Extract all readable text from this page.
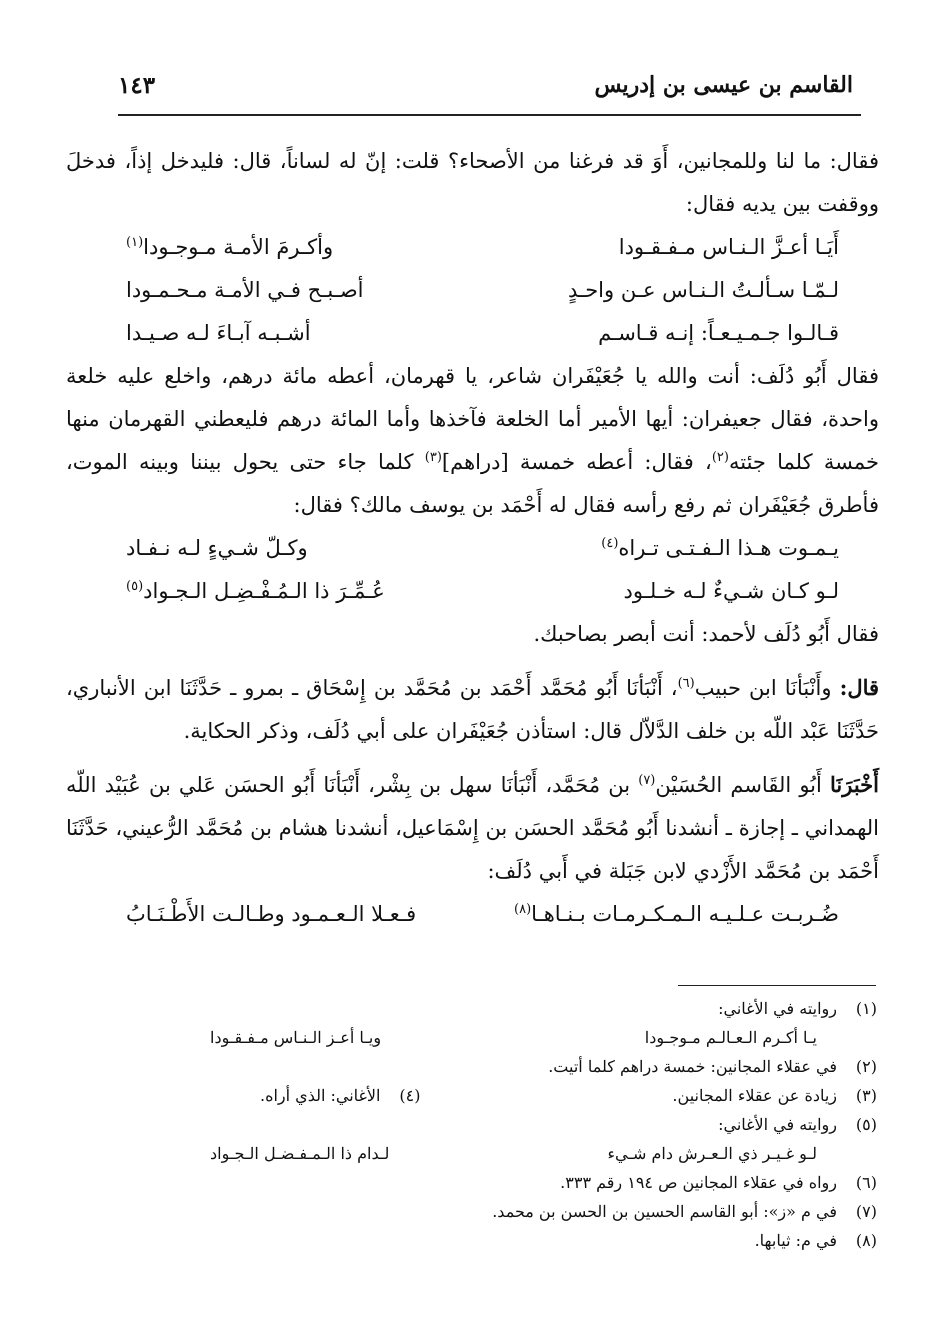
١٤٣	القاسم بن عيسى بن إدريس

فقال: ما لنا وللمجانين، أَوَ قد فرغنا من الأصحاء؟ قلت: إنّ له لساناً، قال: فليدخل إذاً، فدخلَ ووقفت بين يديه فقال:

أَيَـا أعـزَّ الـنـاس مـفـقـودا
وأكـرمَ الأمـة مـوجـودا$^{(١)}$
لـمّـا سـألـتُ الـنـاس عـن واحـدٍ
أصـبـح فـي الأمـة مـحـمـودا
قـالـوا جـمـيـعـاً: إنـه قـاسـم
أشـبـه آبـاءَ لـه صـيـدا

فقال أَبُو دُلَف: أنت والله يا جُعَيْفَران شاعر، يا قهرمان، أعطه مائة درهم، واخلع عليه خلعة واحدة، فقال جعيفران: أيها الأمير أما الخلعة فآخذها وأما المائة درهم فليعطني القهرمان منها خمسة كلما جئته$^{(٢)}$، فقال: أعطه خمسة [دراهم]$^{(٣)}$ كلما جاء حتى يحول بيننا وبينه الموت، فأطرق جُعَيْفَران ثم رفع رأسه فقال له أَحْمَد بن يوسف مالك؟ فقال:

يـمـوت هـذا الـفـتـى تـراه$^{(٤)}$
وكـلّ شـيءٍ لـه نـفـاد
لـو كـان شـيءٌ لـه خـلـود
عُـمِّـرَ ذا الـمُـفْـضِـل الـجـواد$^{(٥)}$

فقال أَبُو دُلَف لأحمد: أنت أبصر بصاحبك.

قال: وأَنْبَأنَا ابن حبيب$^{(٦)}$، أَنْبَأنَا أَبُو مُحَمَّد أَحْمَد بن مُحَمَّد بن إِسْحَاق ـ بمرو ـ حَدَّثَنَا ابن الأنباري، حَدَّثَنَا عَبْد اللّه بن خلف الدَّلاّل قال: استأذن جُعَيْفَران على أبي دُلَف، وذكر الحكاية.

أَخْبَرَنَا أَبُو القَاسم الحُسَيْن$^{(٧)}$ بن مُحَمَّد، أَنْبَأنَا سهل بن بِشْر، أَنْبَأنَا أَبُو الحسَن عَلي بن عُبَيْد اللّه الهمداني ـ إجازة ـ أنشدنا أَبُو مُحَمَّد الحسَن بن إِسْمَاعيل، أنشدنا هشام بن مُحَمَّد الرُّعيني، حَدَّثَنَا أَحْمَد بن مُحَمَّد الأَزْدي لابن جَبَلة في أَبي دُلَف:

ضُـربـت عـلـيـه الـمـكـرمـات بـنـاهـا$^{(٨)}$
فـعـلا الـعـمـود وطـالـت الأَطْـنَـابُ
(١)
روايته في الأغاني:
يـا أكـرم الـعـالـم مـوجـودا
ويـا أعـز الـنـاس مـفـقـودا
(٢)
في عقلاء المجانين: خمسة دراهم كلما أتيت.
(٣)
زيادة عن عقلاء المجانين.
(٤)
الأغاني: الذي أراه.
(٥)
روايته في الأغاني:
لـو غـيـر ذي الـعـرش دام شـيء
لـدام ذا الـمـفـضـل الـجـواد
(٦)
رواه في عقلاء المجانين ص ١٩٤ رقم ٣٣٣.
(٧)
في م «ز»: أبو القاسم الحسين بن الحسن بن محمد.
(٨)
في م: ثيابها.
